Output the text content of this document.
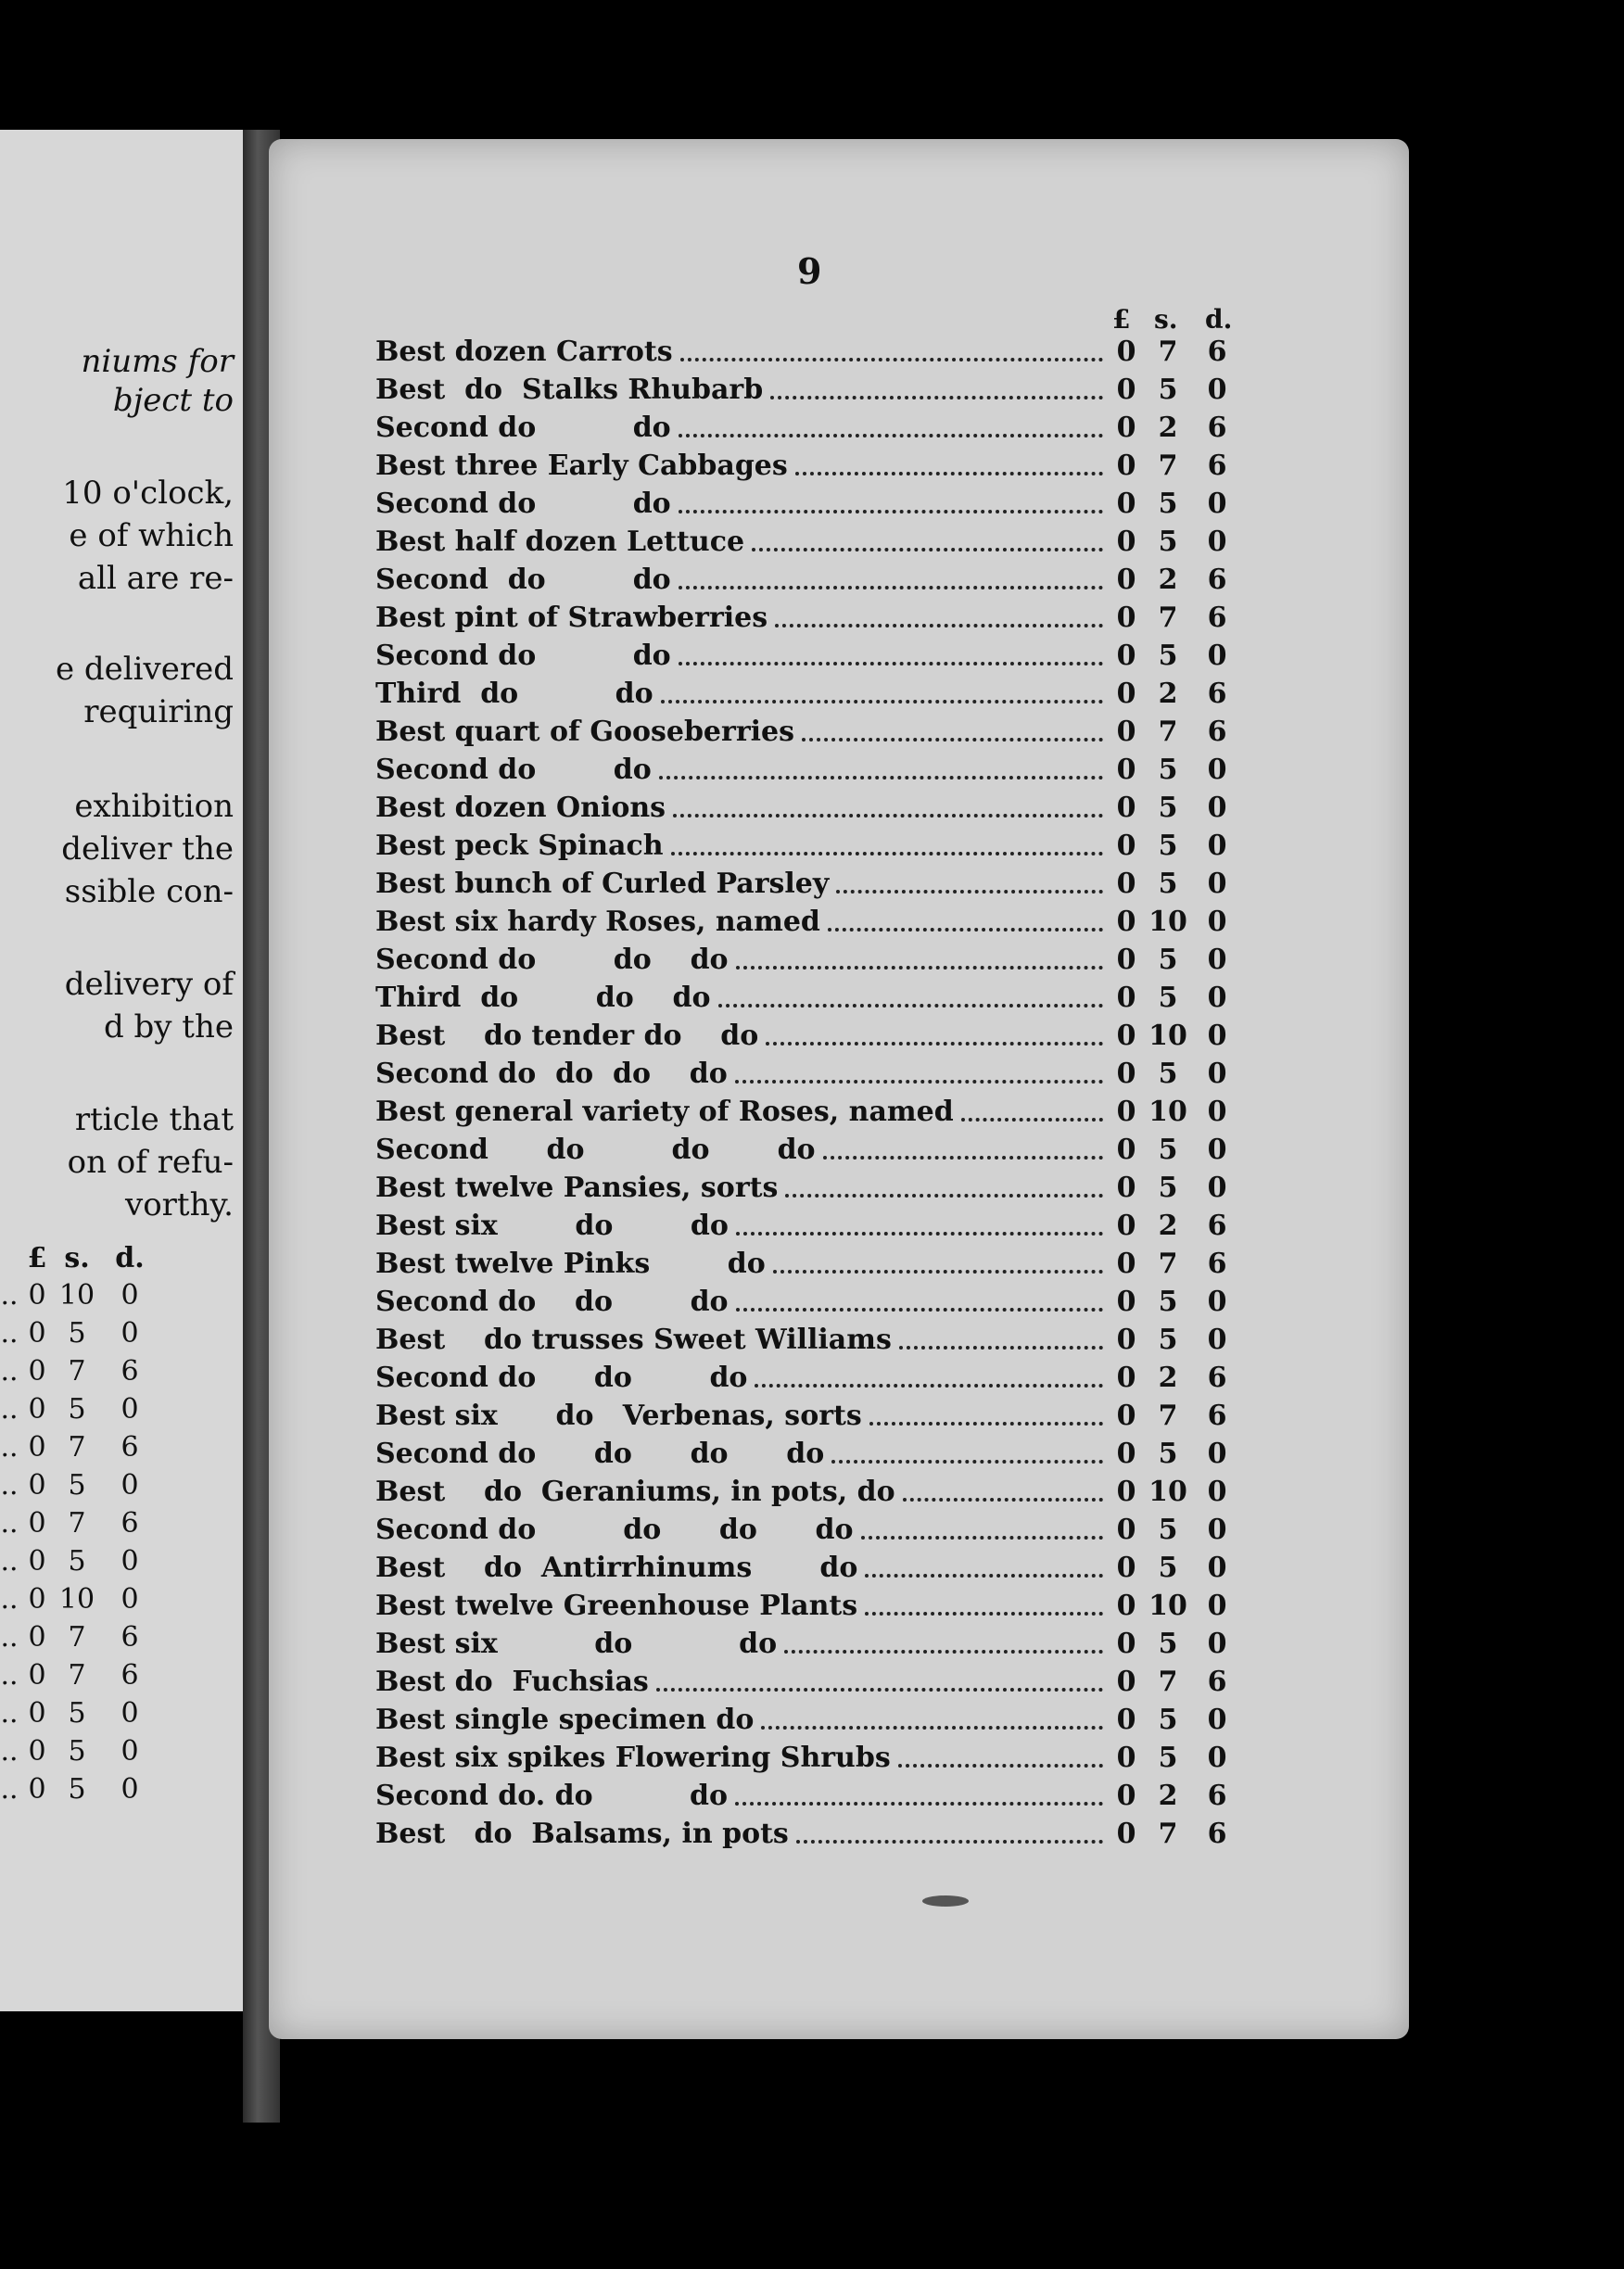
niums for
bject to
10 o'clock,
e of which
all are re-
e delivered
requiring
exhibition
deliver the
ssible con-
delivery of
d by the
rticle that
on of refu-
vorthy.
£ s. d.
.. 0 10 0
.. 0 5	0
.. 0 7	6
.. 0 5	0
.. 0 7	6
.. 0 5	0
.. 0 7	6
.. 0 5	0
.. 0 10 0
.. 0 7	6
.. 0 7	6
.. 0 5	0
.. 0 5	0
.. 0 5	0
9
£ s. d.
Best dozen Carrots	0 7	6
Best  do  Stalks Rhubarb	0 5	0
Second do          do	0 2	6
Best three Early Cabbages	0 7	6
Second do          do	0 5	0
Best half dozen Lettuce	0 5	0
Second  do         do	0 2	6
Best pint of Strawberries	0 7	6
Second do          do	0 5	0
Third  do          do	0 2	6
Best quart of Gooseberries	0 7	6
Second do        do	0 5	0
Best dozen Onions	0 5	0
Best peck Spinach	0 5	0
Best bunch of Curled Parsley	0 5	0
Best six hardy Roses, named	0 10 0
Second do        do    do	0 5	0
Third  do        do    do	0 5	0
Best    do tender do    do	0 10 0
Second do  do  do    do	0 5	0
Best general variety of Roses, named	0 10 0
Second      do         do       do	0 5	0
Best twelve Pansies, sorts	0 5	0
Best six        do        do	0 2	6
Best twelve Pinks        do	0 7	6
Second do    do        do	0 5	0
Best    do trusses Sweet Williams	0 5	0
Second do      do        do	0 2	6
Best six      do   Verbenas, sorts	0 7	6
Second do      do      do      do	0 5	0
Best    do  Geraniums, in pots, do	0 10 0
Second do         do      do      do	0 5	0
Best    do  Antirrhinums       do	0 5	0
Best twelve Greenhouse Plants	0 10 0
Best six          do           do	0 5	0
Best do  Fuchsias	0 7	6
Best single specimen do	0 5	0
Best six spikes Flowering Shrubs	0 5	0
Second do. do          do	0 2	6
Best   do  Balsams, in pots	0 7	6
